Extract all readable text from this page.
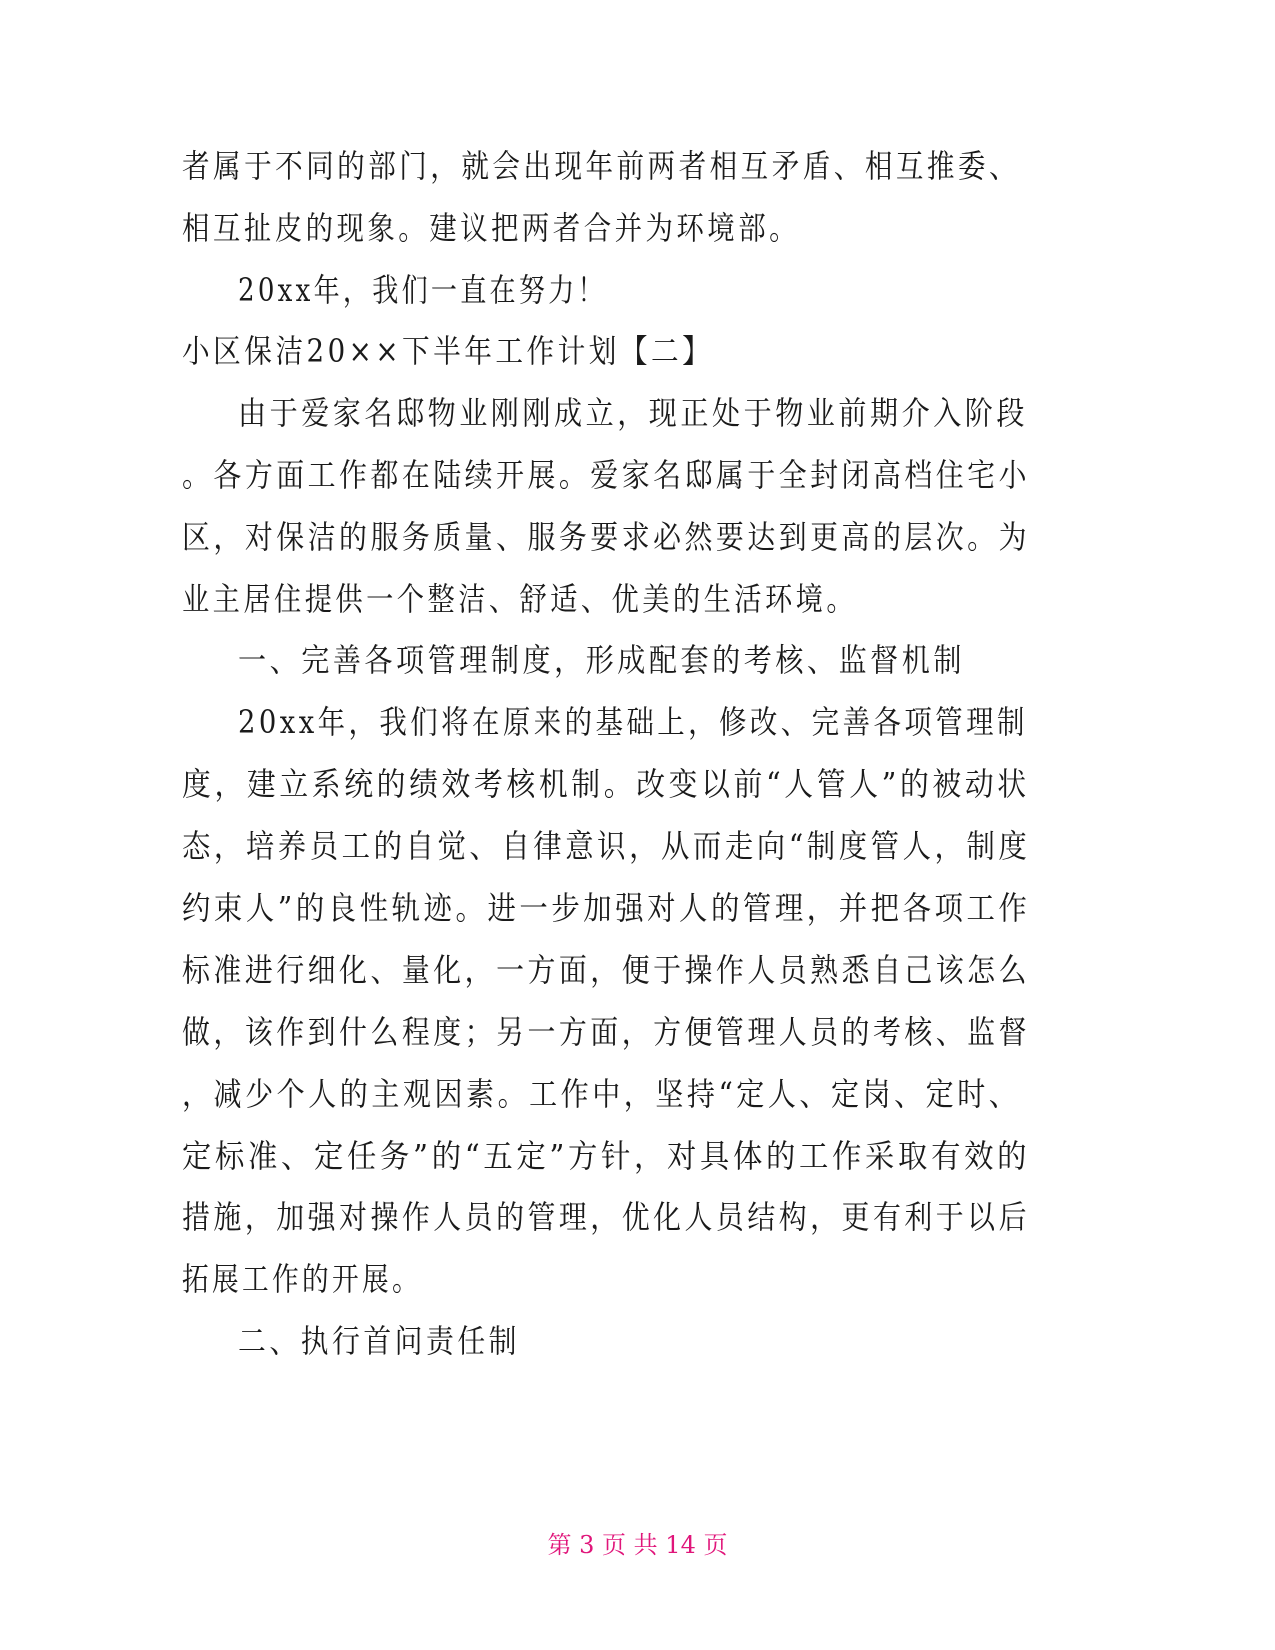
者属于不同的部门，就会出现年前两者相互矛盾、相互推委、
相互扯皮的现象。建议把两者合并为环境部。
20xx年，我们一直在努力！
小区保洁20××下半年工作计划【二】
由于爱家名邸物业刚刚成立，现正处于物业前期介入阶段
。各方面工作都在陆续开展。爱家名邸属于全封闭高档住宅小
区，对保洁的服务质量、服务要求必然要达到更高的层次。为
业主居住提供一个整洁、舒适、优美的生活环境。
一、完善各项管理制度，形成配套的考核、监督机制
20xx年，我们将在原来的基础上，修改、完善各项管理制
度，建立系统的绩效考核机制。改变以前“人管人”的被动状
态，培养员工的自觉、自律意识，从而走向“制度管人，制度
约束人”的良性轨迹。进一步加强对人的管理，并把各项工作
标准进行细化、量化，一方面，便于操作人员熟悉自己该怎么
做，该作到什么程度；另一方面，方便管理人员的考核、监督
，减少个人的主观因素。工作中，坚持“定人、定岗、定时、
定标准、定任务”的“五定”方针，对具体的工作采取有效的
措施，加强对操作人员的管理，优化人员结构，更有利于以后
拓展工作的开展。
二、执行首问责任制
第 3 页 共 14 页
